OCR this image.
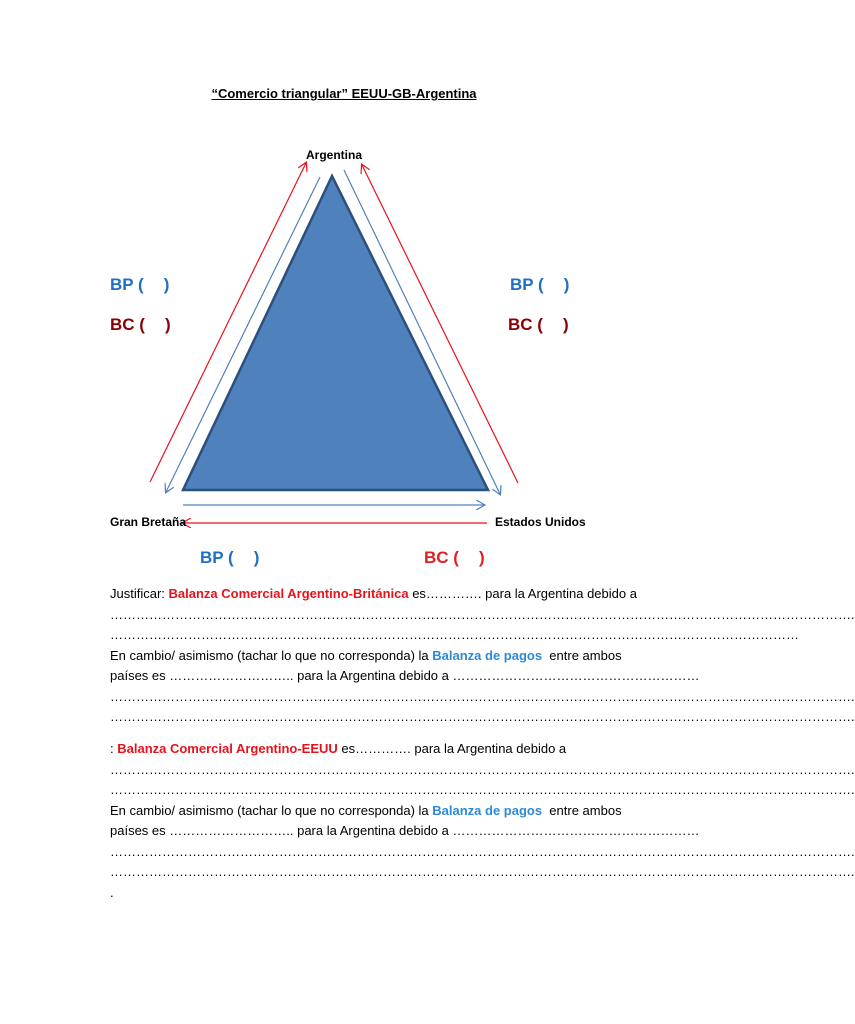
“Comercio triangular” EEUU-GB-Argentina
Argentina
Gran Bretaña	Estados Unidos
BP ( )
BC ( )
BP ( )
BC ( )
BP ( )	BC ( )
Justificar: Balanza Comercial Argentino-Británica es…………. para la Argentina debido a
……………………………………………………………………………………………………………………………………………………….
……………………………………………………………………………………………………………………………………………
En cambio/ asimismo (tachar lo que no corresponda) la Balanza de pagos  entre ambos
países es ……………………….. para la Argentina debido a …………………………………………………
……………………………………………………………………………………………………………………………………………………….
……………………………………………………………………………………………………………………………………………………….
: Balanza Comercial Argentino-EEUU es…………. para la Argentina debido a
……………………………………………………………………………………………………………………………………………………….
……………………………………………………………………………………………………………………………………………………….
En cambio/ asimismo (tachar lo que no corresponda) la Balanza de pagos  entre ambos
países es ……………………….. para la Argentina debido a …………………………………………………
……………………………………………………………………………………………………………………………………………………….
……………………………………………………………………………………………………………………………………………………….
.
